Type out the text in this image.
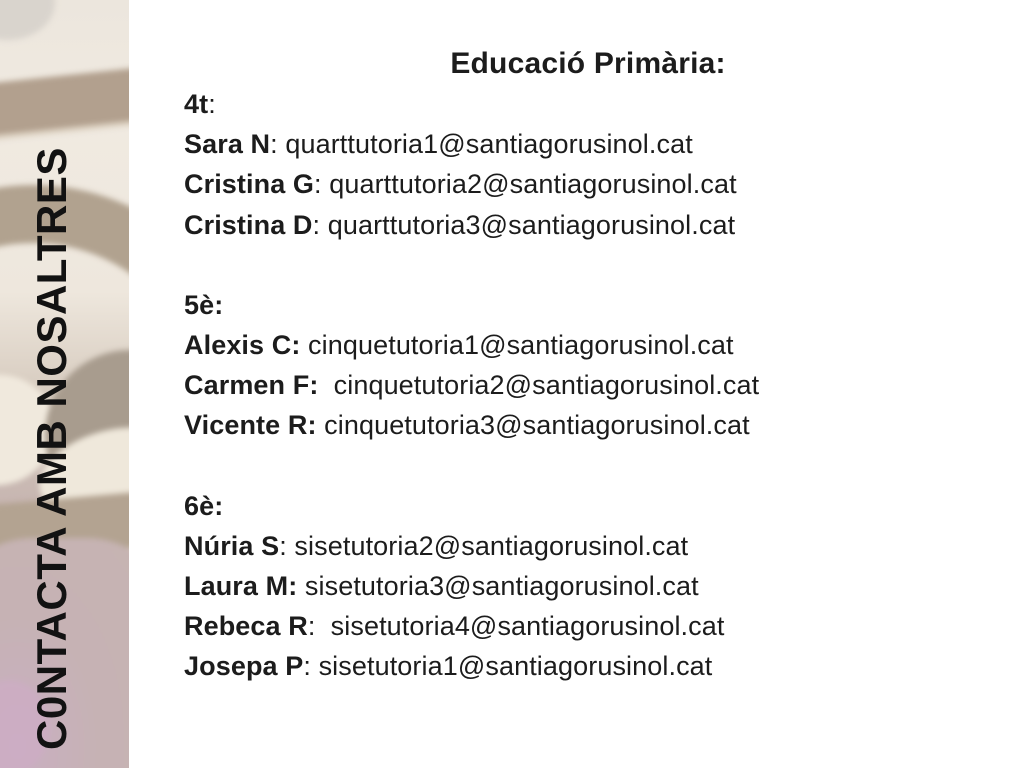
C0NTACTA AMB NOSALTRES
Educació Primària:
4t:
Sara N: quarttutoria1@santiagorusinol.cat
Cristina G: quarttutoria2@santiagorusinol.cat
Cristina D: quarttutoria3@santiagorusinol.cat
5è:
Alexis C: cinquetutoria1@santiagorusinol.cat
Carmen F:  cinquetutoria2@santiagorusinol.cat
Vicente R: cinquetutoria3@santiagorusinol.cat
6è:
Núria S: sisetutoria2@santiagorusinol.cat
Laura M: sisetutoria3@santiagorusinol.cat
Rebeca R:  sisetutoria4@santiagorusinol.cat
Josepa P: sisetutoria1@santiagorusinol.cat
